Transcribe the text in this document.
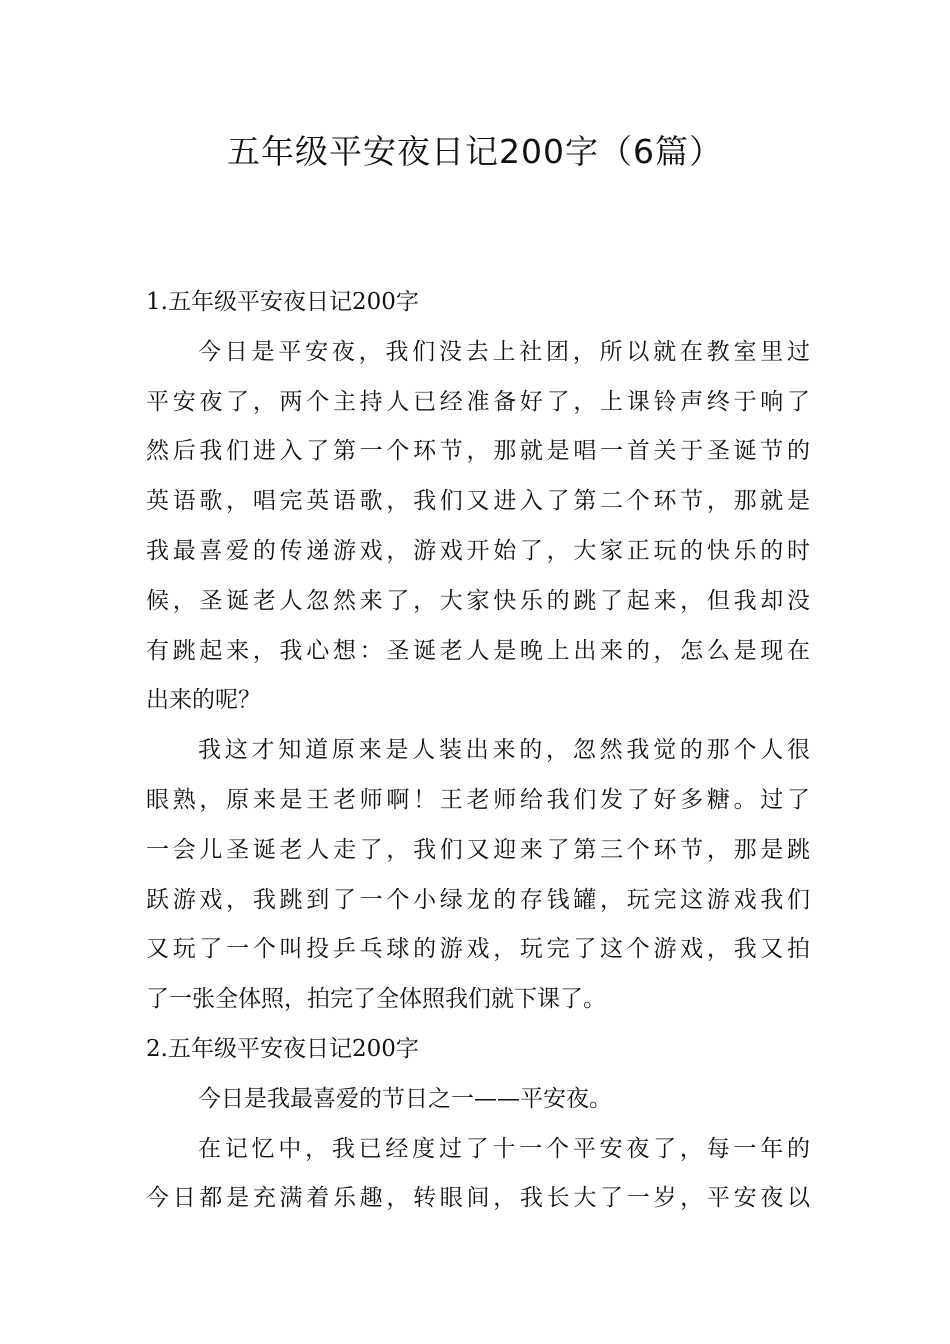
五年级平安夜日记200字（6篇）
1.五年级平安夜日记200字
今日是平安夜，我们没去上社团，所以就在教室里过
平安夜了，两个主持人已经准备好了，上课铃声终于响了
然后我们进入了第一个环节，那就是唱一首关于圣诞节的
英语歌，唱完英语歌，我们又进入了第二个环节，那就是
我最喜爱的传递游戏，游戏开始了，大家正玩的快乐的时
候，圣诞老人忽然来了，大家快乐的跳了起来，但我却没
有跳起来，我心想：圣诞老人是晚上出来的，怎么是现在
出来的呢？
我这才知道原来是人装出来的，忽然我觉的那个人很
眼熟，原来是王老师啊！王老师给我们发了好多糖。过了
一会儿圣诞老人走了，我们又迎来了第三个环节，那是跳
跃游戏，我跳到了一个小绿龙的存钱罐，玩完这游戏我们
又玩了一个叫投乒乓球的游戏，玩完了这个游戏，我又拍
了一张全体照，拍完了全体照我们就下课了。
2.五年级平安夜日记200字
今日是我最喜爱的节日之一——平安夜。
在记忆中，我已经度过了十一个平安夜了，每一年的
今日都是充满着乐趣，转眼间，我长大了一岁，平安夜以
